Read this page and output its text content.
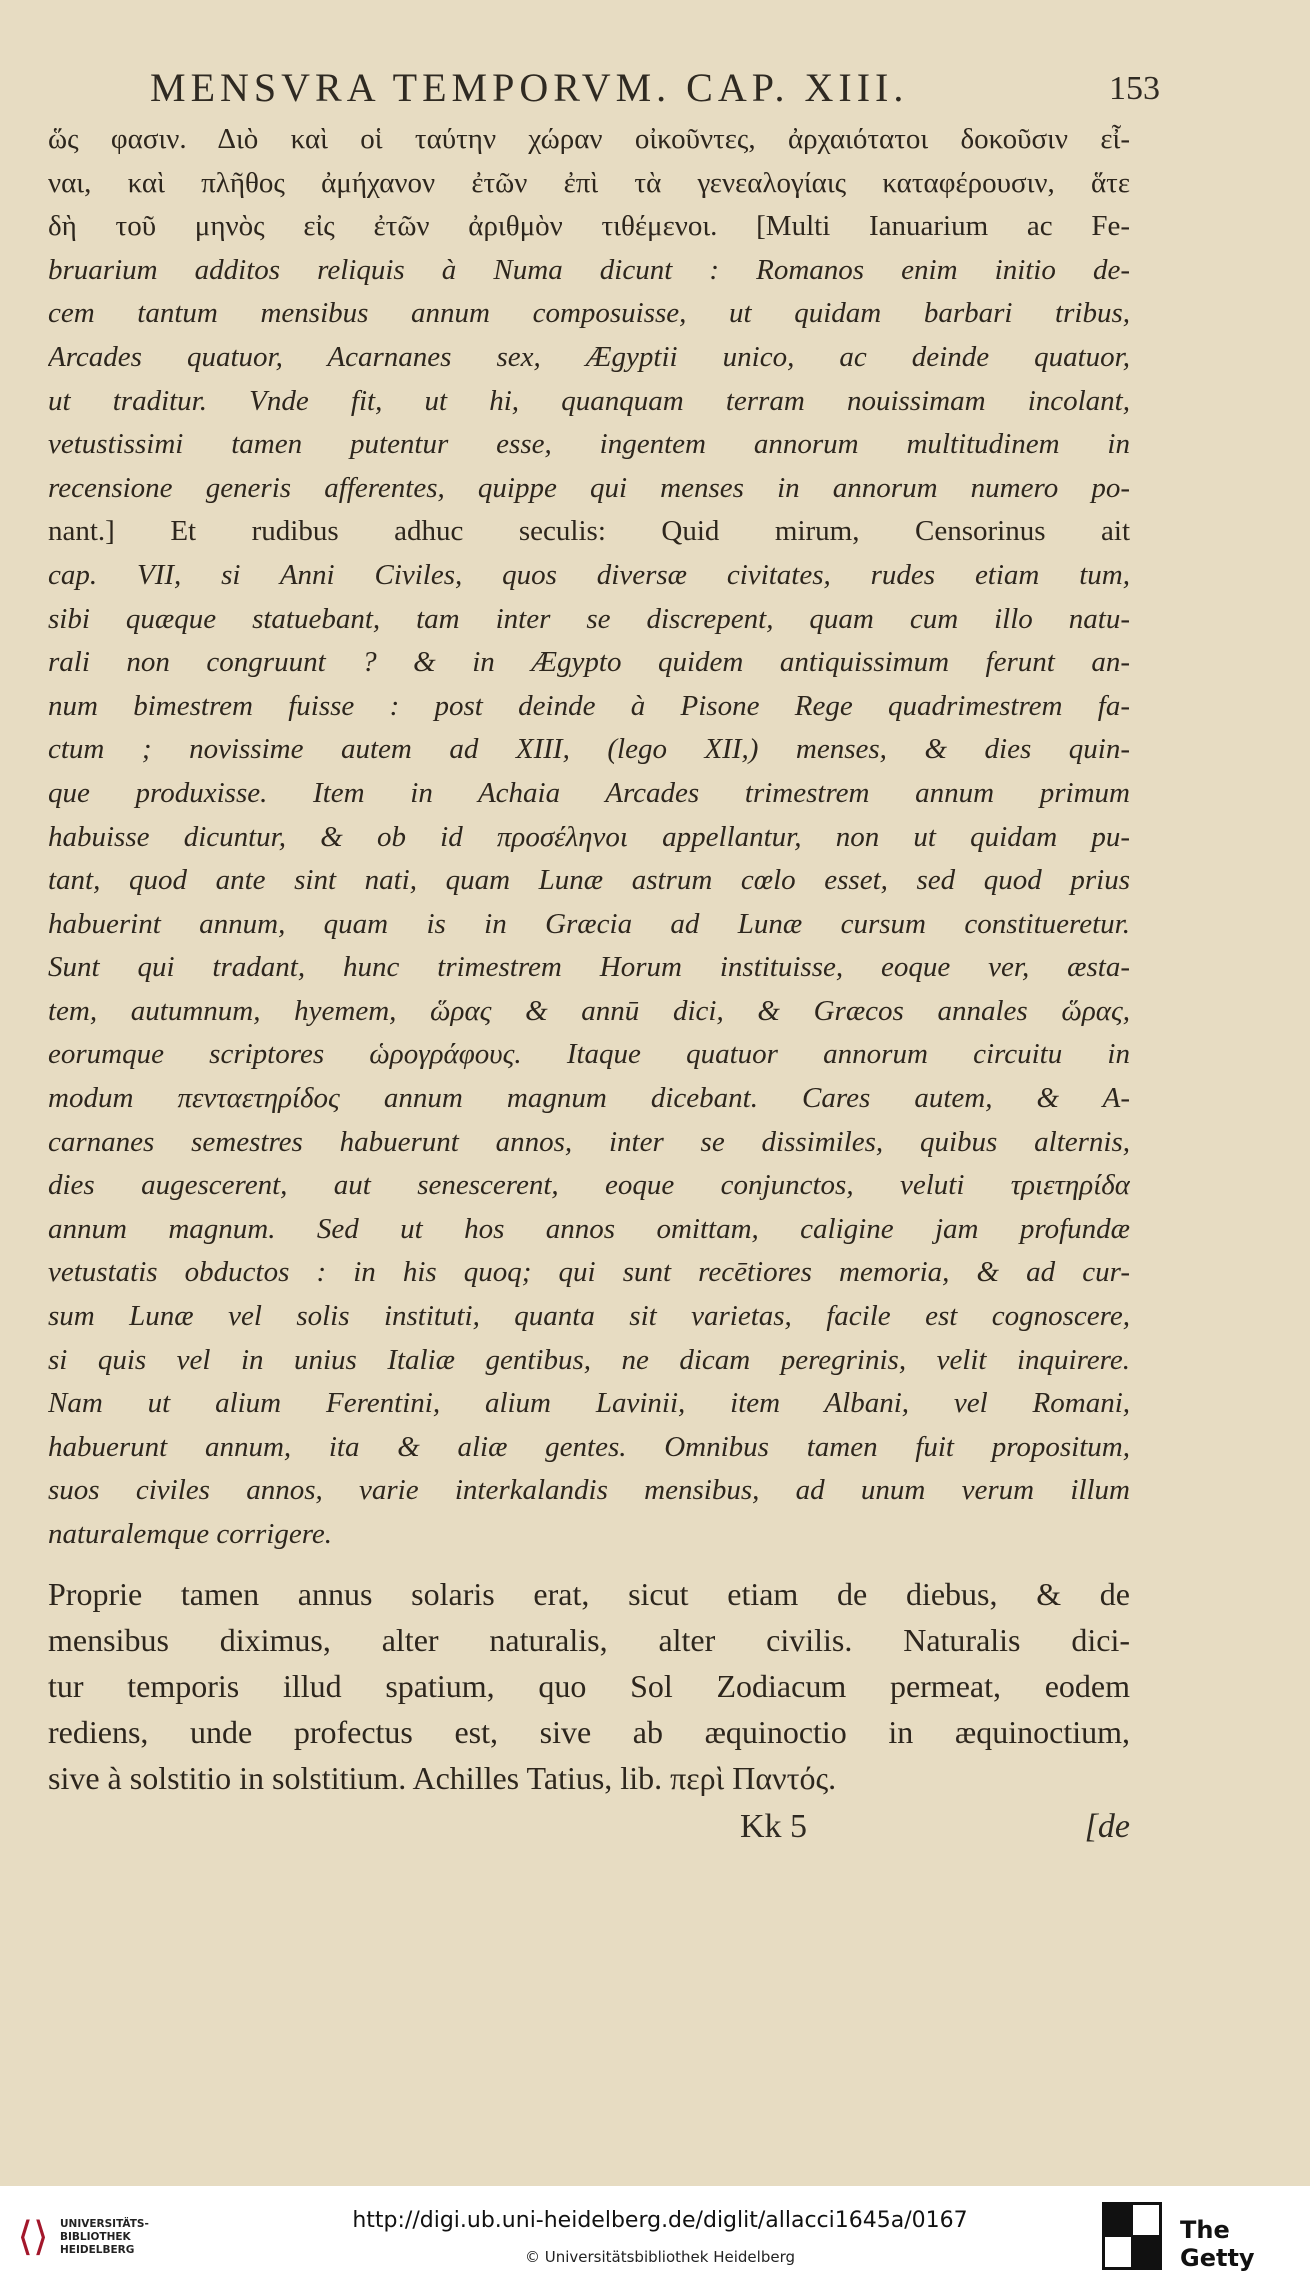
MENSVRA TEMPORVM. CAP. XIII.	153
ὥς φασιν. Διὸ καὶ οἱ ταύτην χώραν οἰκοῦντες, ἀρχαιότατοι δοκοῦσιν εἶ-
ναι, καὶ πλῆθος ἀμήχανον ἐτῶν ἐπὶ τὰ γενεαλογίαις καταφέρουσιν, ἅτε
δὴ τοῦ μηνὸς εἰς ἐτῶν ἀριθμὸν τιθέμενοι. [Multi Ianuarium ac Fe-
bruarium additos reliquis à Numa dicunt : Romanos enim initio de-
cem tantum mensibus annum composuisse, ut quidam barbari tribus,
Arcades quatuor, Acarnanes sex, Ægyptii unico, ac deinde quatuor,
ut traditur. Vnde fit, ut hi, quanquam terram nouissimam incolant,
vetustissimi tamen putentur esse, ingentem annorum multitudinem in
recensione generis afferentes, quippe qui menses in annorum numero po-
nant.] Et rudibus adhuc seculis: Quid mirum, Censorinus ait
cap. VII, si Anni Civiles, quos diversæ civitates, rudes etiam tum,
sibi quæque statuebant, tam inter se discrepent, quam cum illo natu-
rali non congruunt ? & in Ægypto quidem antiquissimum ferunt an-
num bimestrem fuisse : post deinde à Pisone Rege quadrimestrem fa-
ctum ; novissime autem ad XIII, (lego XII,) menses, & dies quin-
que produxisse. Item in Achaia Arcades trimestrem annum primum
habuisse dicuntur, & ob id προσέληνοι appellantur, non ut quidam pu-
tant, quod ante sint nati, quam Lunæ astrum cœlo esset, sed quod prius
habuerint annum, quam is in Græcia ad Lunæ cursum constitueretur.
Sunt qui tradant, hunc trimestrem Horum instituisse, eoque ver, æsta-
tem, autumnum, hyemem, ὥρας & annū dici, & Græcos annales ὥρας,
eorumque scriptores ὡρογράφους. Itaque quatuor annorum circuitu in
modum πενταετηρίδος annum magnum dicebant. Cares autem, & A-
carnanes semestres habuerunt annos, inter se dissimiles, quibus alternis,
dies augescerent, aut senescerent, eoque conjunctos, veluti τριετηρίδα
annum magnum. Sed ut hos annos omittam, caligine jam profundæ
vetustatis obductos : in his quoq; qui sunt recētiores memoria, & ad cur-
sum Lunæ vel solis instituti, quanta sit varietas, facile est cognoscere,
si quis vel in unius Italiæ gentibus, ne dicam peregrinis, velit inquirere.
Nam ut alium Ferentini, alium Lavinii, item Albani, vel Romani,
habuerunt annum, ita & aliæ gentes. Omnibus tamen fuit propositum,
suos civiles annos, varie interkalandis mensibus, ad unum verum illum
naturalemque corrigere.
Proprie tamen annus solaris erat, sicut etiam de diebus, & de
mensibus diximus, alter naturalis, alter civilis. Naturalis dici-
tur temporis illud spatium, quo Sol Zodiacum permeat, eodem
rediens, unde profectus est, sive ab æquinoctio in æquinoctium,
sive à solstitio in solstitium. Achilles Tatius, lib. περὶ Παντός.
Kk 5	[de
⟨⟩	UNIVERSITÄTS-
BIBLIOTHEK
HEIDELBERG
http://digi.ub.uni-heidelberg.de/diglit/allacci1645a/0167
© Universitätsbibliothek Heidelberg
The Getty
